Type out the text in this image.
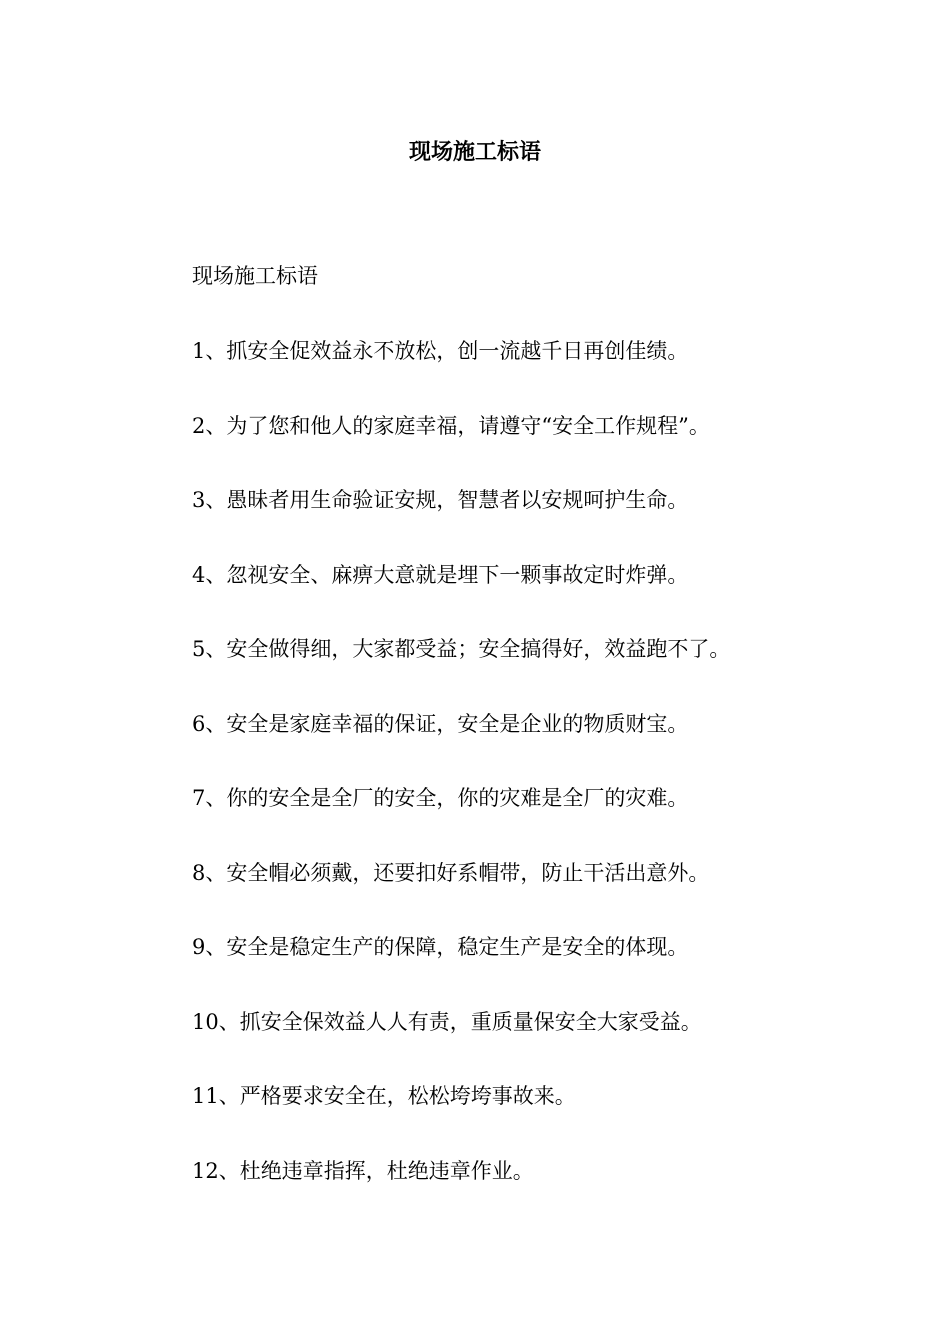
现场施工标语

现场施工标语

1、抓安全促效益永不放松，创一流越千日再创佳绩。
2、为了您和他人的家庭幸福，请遵守“安全工作规程”。
3、愚昧者用生命验证安规，智慧者以安规呵护生命。
4、忽视安全、麻痹大意就是埋下一颗事故定时炸弹。
5、安全做得细，大家都受益；安全搞得好，效益跑不了。
6、安全是家庭幸福的保证，安全是企业的物质财宝。
7、你的安全是全厂的安全，你的灾难是全厂的灾难。
8、安全帽必须戴，还要扣好系帽带，防止干活出意外。
9、安全是稳定生产的保障，稳定生产是安全的体现。
10、抓安全保效益人人有责，重质量保安全大家受益。
11、严格要求安全在，松松垮垮事故来。
12、杜绝违章指挥，杜绝违章作业。
